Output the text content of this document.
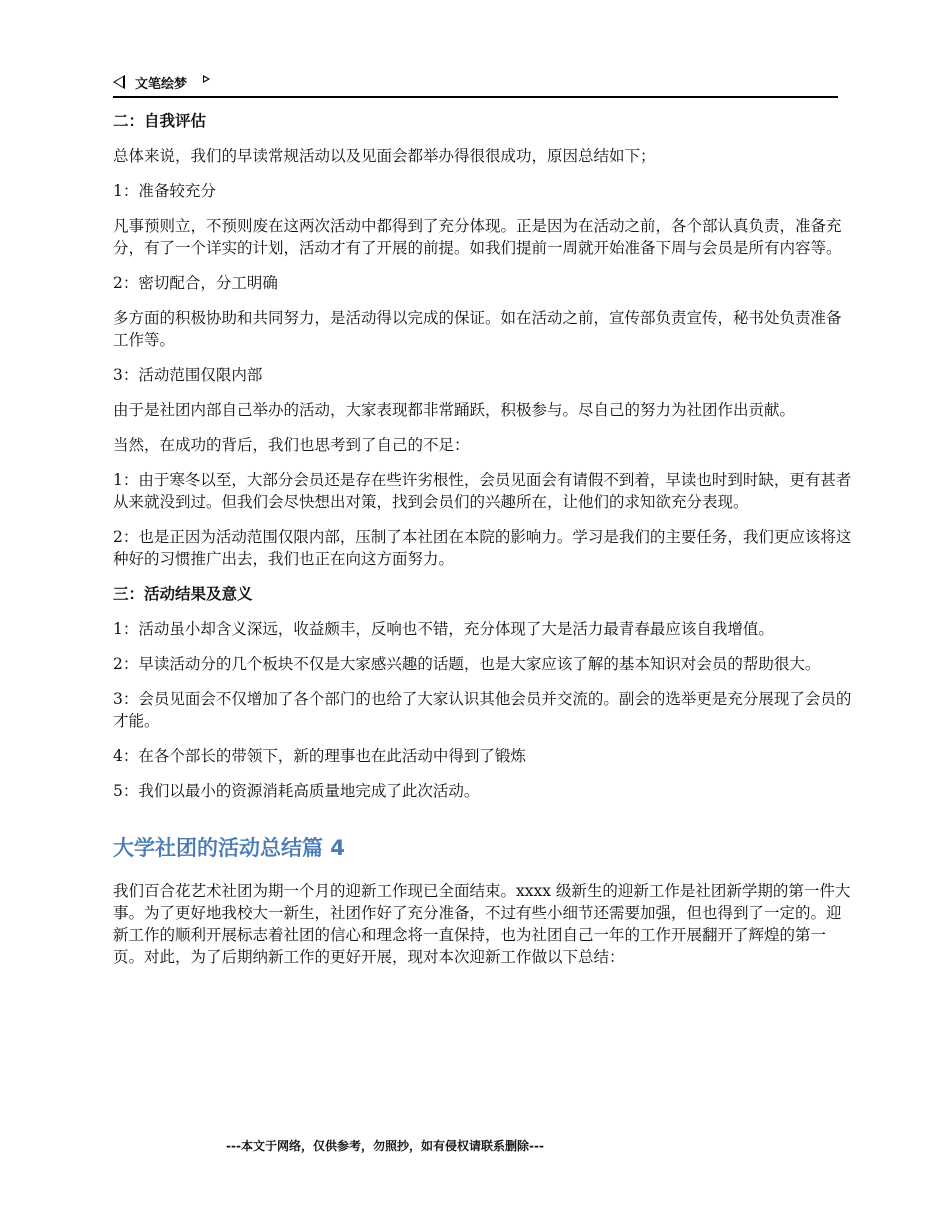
文笔绘梦
二：自我评估
总体来说，我们的早读常规活动以及见面会都举办得很很成功，原因总结如下；
1：准备较充分
凡事预则立，不预则废在这两次活动中都得到了充分体现。正是因为在活动之前，各个部认真负责，准备充分，有了一个详实的计划，活动才有了开展的前提。如我们提前一周就开始准备下周与会员是所有内容等。
2：密切配合，分工明确
多方面的积极协助和共同努力，是活动得以完成的保证。如在活动之前，宣传部负责宣传，秘书处负责准备工作等。
3：活动范围仅限内部
由于是社团内部自己举办的活动，大家表现都非常踊跃，积极参与。尽自己的努力为社团作出贡献。
当然，在成功的背后，我们也思考到了自己的不足：
1：由于寒冬以至，大部分会员还是存在些许劣根性，会员见面会有请假不到着，早读也时到时缺，更有甚者从来就没到过。但我们会尽快想出对策，找到会员们的兴趣所在，让他们的求知欲充分表现。
2：也是正因为活动范围仅限内部，压制了本社团在本院的影响力。学习是我们的主要任务，我们更应该将这种好的习惯推广出去，我们也正在向这方面努力。
三：活动结果及意义
1：活动虽小却含义深远，收益颇丰，反响也不错，充分体现了大是活力最青春最应该自我增值。
2：早读活动分的几个板块不仅是大家感兴趣的话题，也是大家应该了解的基本知识对会员的帮助很大。
3：会员见面会不仅增加了各个部门的也给了大家认识其他会员并交流的。副会的选举更是充分展现了会员的才能。
4：在各个部长的带领下，新的理事也在此活动中得到了锻炼
5：我们以最小的资源消耗高质量地完成了此次活动。
大学社团的活动总结篇 4
我们百合花艺术社团为期一个月的迎新工作现已全面结束。xxxx 级新生的迎新工作是社团新学期的第一件大事。为了更好地我校大一新生，社团作好了充分准备，不过有些小细节还需要加强，但也得到了一定的。迎新工作的顺利开展标志着社团的信心和理念将一直保持，也为社团自己一年的工作开展翻开了辉煌的第一页。对此，为了后期纳新工作的更好开展，现对本次迎新工作做以下总结：
---本文于网络，仅供参考，勿照抄，如有侵权请联系删除---
